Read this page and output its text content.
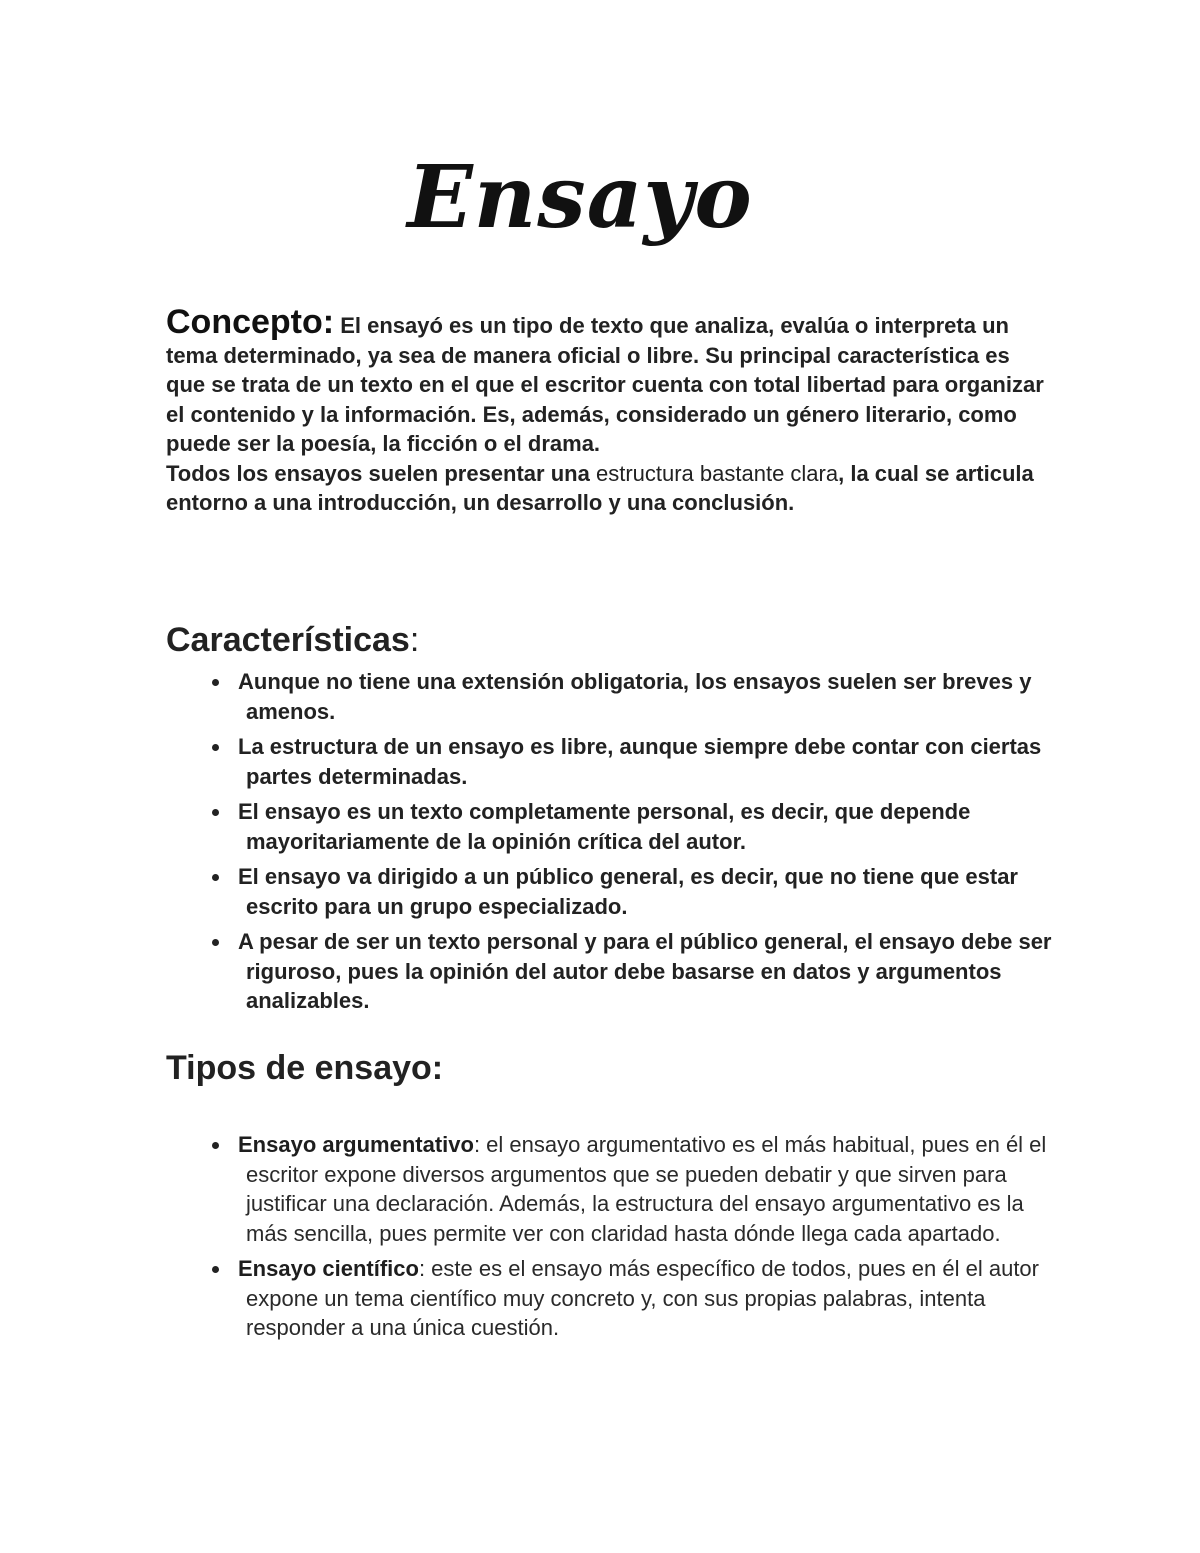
Ensayo

Concepto: El ensayó es un tipo de texto que analiza, evalúa o interpreta un tema determinado, ya sea de manera oficial o libre. Su principal característica es que se trata de un texto en el que el escritor cuenta con total libertad para organizar el contenido y la información. Es, además, considerado un género literario, como puede ser la poesía, la ficción o el drama.

Todos los ensayos suelen presentar una estructura bastante clara, la cual se articula entorno a una introducción, un desarrollo y una conclusión.

Características:
Aunque no tiene una extensión obligatoria, los ensayos suelen ser breves y amenos.
La estructura de un ensayo es libre, aunque siempre debe contar con ciertas partes determinadas.
El ensayo es un texto completamente personal, es decir, que depende mayoritariamente de la opinión crítica del autor.
El ensayo va dirigido a un público general, es decir, que no tiene que estar escrito para un grupo especializado.
A pesar de ser un texto personal y para el público general, el ensayo debe ser riguroso, pues la opinión del autor debe basarse en datos y argumentos analizables.
Tipos de ensayo:
Ensayo argumentativo: el ensayo argumentativo es el más habitual, pues en él el escritor expone diversos argumentos que se pueden debatir y que sirven para justificar una declaración. Además, la estructura del ensayo argumentativo es la más sencilla, pues permite ver con claridad hasta dónde llega cada apartado.
Ensayo científico: este es el ensayo más específico de todos, pues en él el autor expone un tema científico muy concreto y, con sus propias palabras, intenta responder a una única cuestión.
